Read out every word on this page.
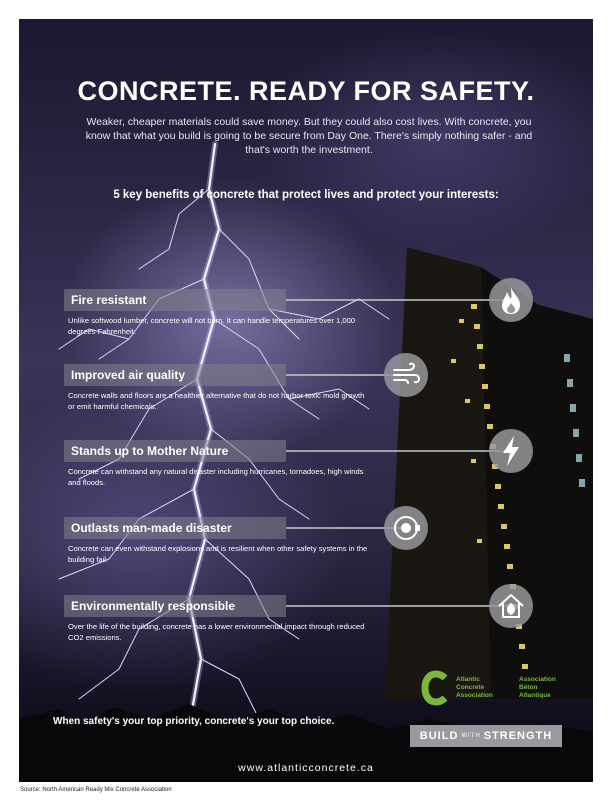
CONCRETE. READY FOR SAFETY.
Weaker, cheaper materials could save money. But they could also cost lives. With concrete, you know that what you build is going to be secure from Day One. There's simply nothing safer - and that's worth the investment.
5 key benefits of concrete that protect lives and protect your interests:
Fire resistant
Unlike softwood lumber, concrete will not burn. It can handle temperatures over 1,000 degrees Fahrenheit.
Improved air quality
Concrete walls and floors are a healthier alternative that do not harbor toxic mold growth or emit harmful chemicals.
Stands up to Mother Nature
Concrete can withstand any natural disaster including hurricanes, tornadoes, high winds and floods.
Outlasts man-made disaster
Concrete can even withstand explosions and is resilient when other safety systems in the building fail.
Environmentally responsible
Over the life of the building, concrete has a lower environmental impact through reduced CO2 emissions.
When safety's your top priority, concrete's your top choice.
Atlantic
Concrete
Association
Association
Béton
Atlantique
BUILD WITH STRENGTH
www.atlanticconcrete.ca
Source: North American Ready Mix Concrete Association
